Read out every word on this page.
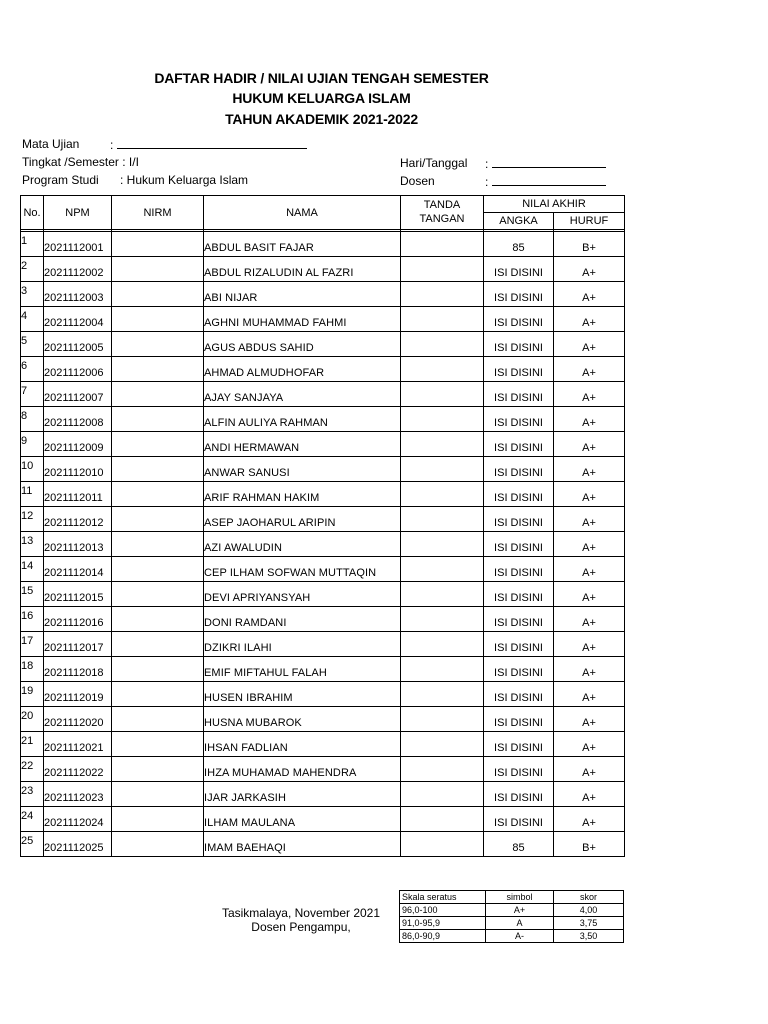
DAFTAR HADIR / NILAI UJIAN TENGAH SEMESTER
HUKUM KELUARGA ISLAM
TAHUN AKADEMIK 2021-2022
Mata Ujian	:
Tingkat /Semester : I/I
Program Studi : Hukum Keluarga Islam
Hari/Tanggal :
Dosen	:
No.	NPM	NIRM	NAMA	TANDA
TANGAN	NILAI AKHIR	
					ANGKA	HURUF

1	2021112001		ABDUL BASIT FAJAR		85	B+
2	2021112002		ABDUL RIZALUDIN AL FAZRI		ISI DISINI	A+
3	2021112003		ABI NIJAR		ISI DISINI	A+
4	2021112004		AGHNI MUHAMMAD FAHMI		ISI DISINI	A+
5	2021112005		AGUS ABDUS SAHID		ISI DISINI	A+
6	2021112006		AHMAD ALMUDHOFAR		ISI DISINI	A+
7	2021112007		AJAY SANJAYA		ISI DISINI	A+
8	2021112008		ALFIN AULIYA RAHMAN		ISI DISINI	A+
9	2021112009		ANDI HERMAWAN		ISI DISINI	A+
10	2021112010		ANWAR SANUSI		ISI DISINI	A+
11	2021112011		ARIF RAHMAN HAKIM		ISI DISINI	A+
12	2021112012		ASEP JAOHARUL ARIPIN		ISI DISINI	A+
13	2021112013		AZI AWALUDIN		ISI DISINI	A+
14	2021112014		CEP ILHAM SOFWAN MUTTAQIN		ISI DISINI	A+
15	2021112015		DEVI APRIYANSYAH		ISI DISINI	A+
16	2021112016		DONI RAMDANI		ISI DISINI	A+
17	2021112017		DZIKRI ILAHI		ISI DISINI	A+
18	2021112018		EMIF MIFTAHUL FALAH		ISI DISINI	A+
19	2021112019		HUSEN IBRAHIM		ISI DISINI	A+
20	2021112020		HUSNA MUBAROK		ISI DISINI	A+
21	2021112021		IHSAN FADLIAN		ISI DISINI	A+
22	2021112022		IHZA MUHAMAD MAHENDRA		ISI DISINI	A+
23	2021112023		IJAR JARKASIH		ISI DISINI	A+
24	2021112024		ILHAM MAULANA		ISI DISINI	A+
25	2021112025		IMAM BAEHAQI		85	B+
Tasikmalaya, November 2021
Dosen Pengampu,
Skala seratus	simbol	skor
96,0-100	A+	4,00
91,0-95,9	A	3,75
86,0-90,9	A-	3,50
